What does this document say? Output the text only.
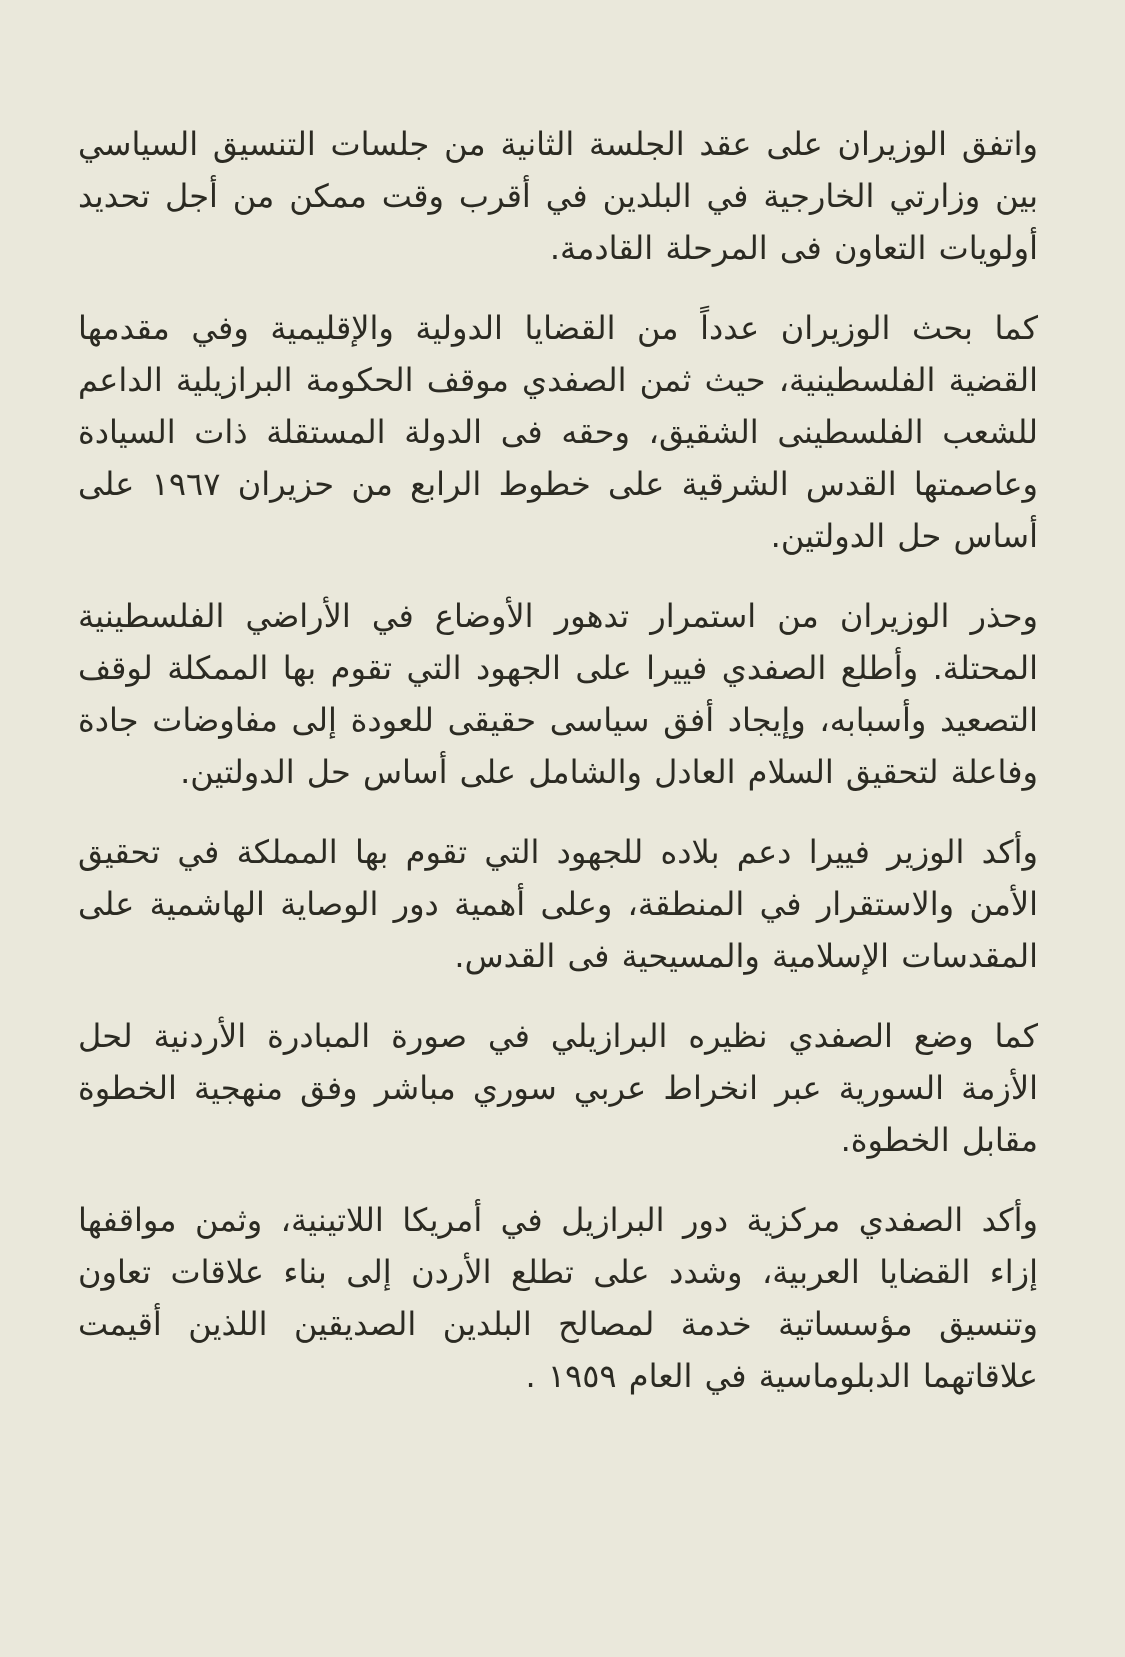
واتفق الوزيران على عقد الجلسة الثانية من جلسات التنسيق السياسي بين وزارتي الخارجية في البلدين في أقرب وقت ممكن من أجل تحديد أولويات التعاون فى المرحلة القادمة.

كما بحث الوزيران عدداً من القضايا الدولية والإقليمية وفي مقدمها القضية الفلسطينية، حيث ثمن الصفدي موقف الحكومة البرازيلية الداعم للشعب الفلسطينى الشقيق، وحقه فى الدولة المستقلة ذات السيادة وعاصمتها القدس الشرقية على خطوط الرابع من حزيران ١٩٦٧ على أساس حل الدولتين.

وحذر الوزيران من استمرار تدهور الأوضاع في الأراضي الفلسطينية المحتلة. وأطلع الصفدي فييرا على الجهود التي تقوم بها الممكلة لوقف التصعيد وأسبابه، وإيجاد أفق سياسى حقيقى للعودة إلى مفاوضات جادة وفاعلة لتحقيق السلام العادل والشامل على أساس حل الدولتين.

وأكد الوزير فييرا دعم بلاده للجهود التي تقوم بها المملكة في تحقيق الأمن والاستقرار في المنطقة، وعلى أهمية دور الوصاية الهاشمية على المقدسات الإسلامية والمسيحية فى القدس.

كما وضع الصفدي نظيره البرازيلي في صورة المبادرة الأردنية لحل الأزمة السورية عبر انخراط عربي سوري مباشر وفق منهجية الخطوة مقابل الخطوة.

وأكد الصفدي مركزية دور البرازيل في أمريكا اللاتينية، وثمن مواقفها إزاء القضايا العربية، وشدد على تطلع الأردن إلى بناء علاقات تعاون وتنسيق مؤسساتية خدمة لمصالح البلدين الصديقين اللذين أقيمت علاقاتهما الدبلوماسية في العام ١٩٥٩ .
